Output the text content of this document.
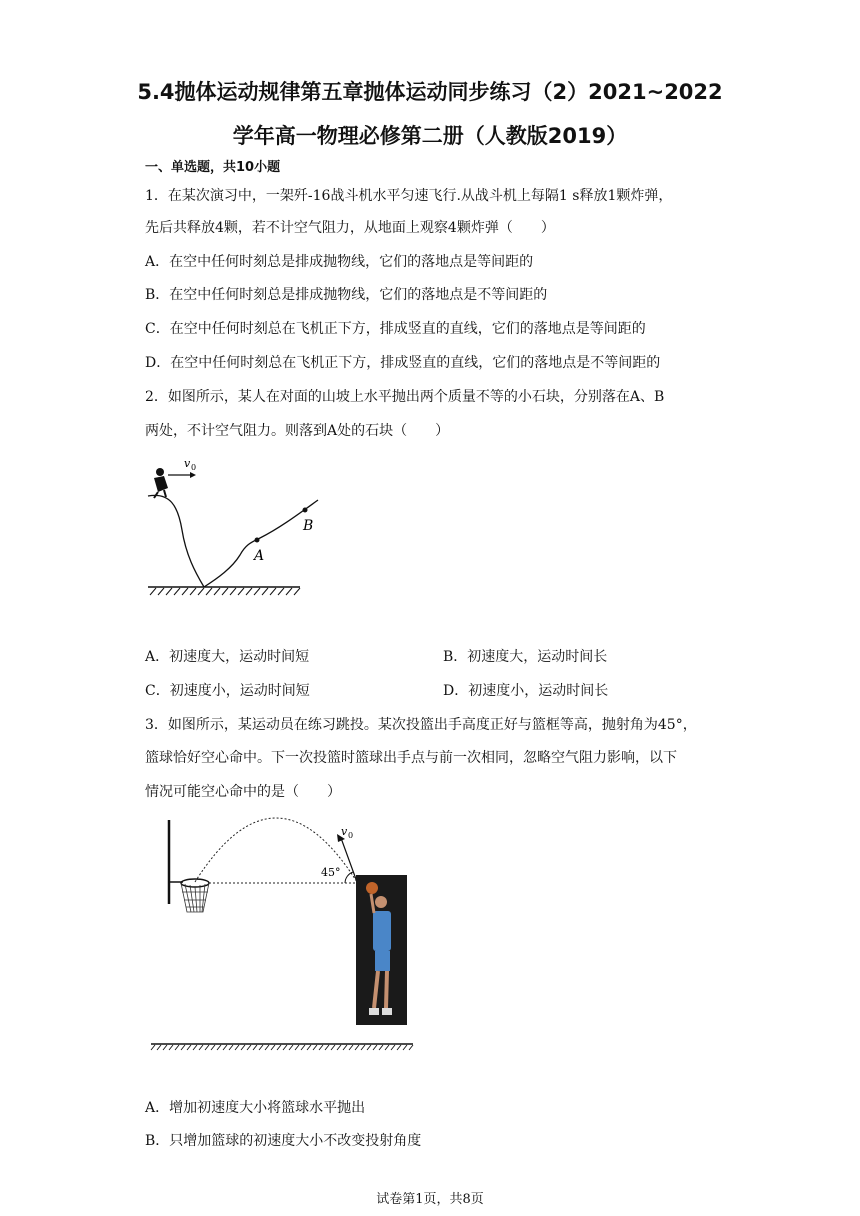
5.4抛体运动规律第五章抛体运动同步练习（2）2021~2022
学年高一物理必修第二册（人教版2019）
一、单选题，共10小题
1．在某次演习中，一架歼-16战斗机水平匀速飞行.从战斗机上每隔1 s释放1颗炸弹，
先后共释放4颗，若不计空气阻力，从地面上观察4颗炸弹（　　）
A．在空中任何时刻总是排成抛物线，它们的落地点是等间距的
B．在空中任何时刻总是排成抛物线，它们的落地点是不等间距的
C．在空中任何时刻总在飞机正下方，排成竖直的直线，它们的落地点是等间距的
D．在空中任何时刻总在飞机正下方，排成竖直的直线，它们的落地点是不等间距的
2．如图所示，某人在对面的山坡上水平抛出两个质量不等的小石块，分别落在A、B
两处，不计空气阻力。则落到A处的石块（　　）
v 0
A
B
A．初速度大，运动时间短	B．初速度大，运动时间长
C．初速度小，运动时间短	D．初速度小，运动时间长
3．如图所示，某运动员在练习跳投。某次投篮出手高度正好与篮框等高，抛射角为45°，
篮球恰好空心命中。下一次投篮时篮球出手点与前一次相同，忽略空气阻力影响，以下
情况可能空心命中的是（　　）
v 0
45°
A．增加初速度大小将篮球水平抛出
B．只增加篮球的初速度大小不改变投射角度
试卷第1页，共8页
